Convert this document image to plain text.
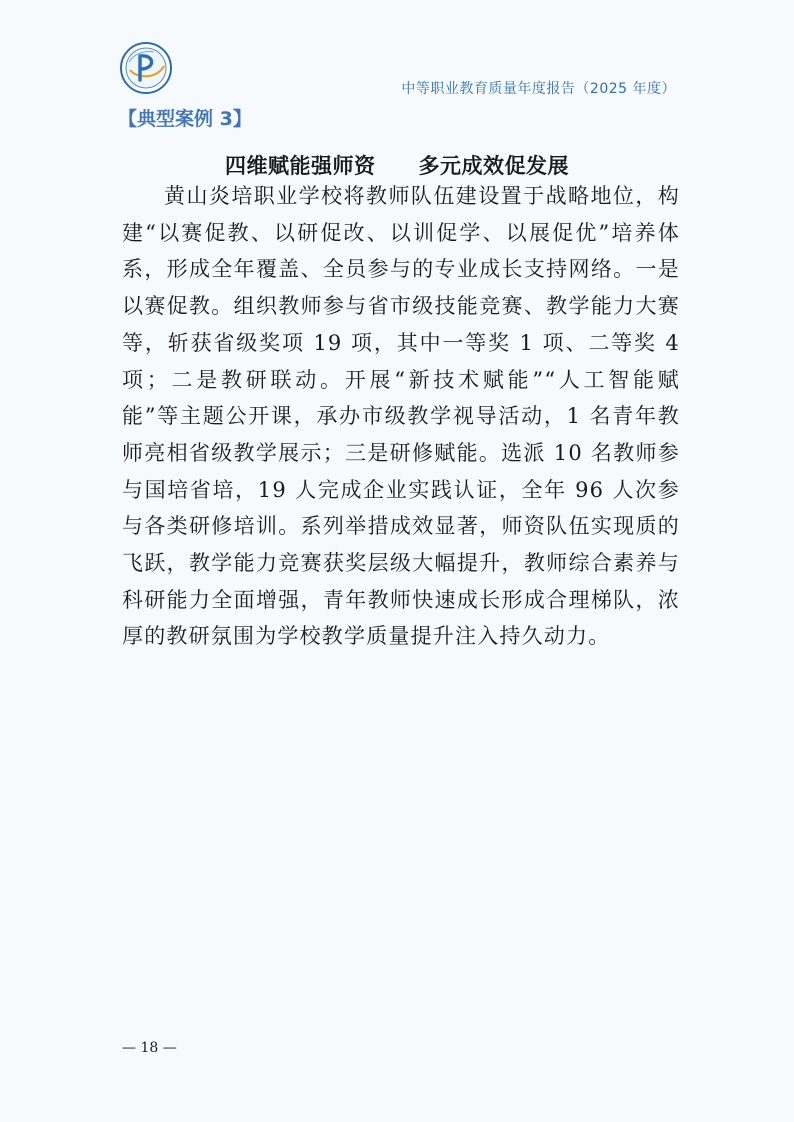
中等职业教育质量年度报告（2025 年度）
【典型案例 3】
四维赋能强师资　　多元成效促发展

黄山炎培职业学校将教师队伍建设置于战略地位，构建“以赛促教、以研促改、以训促学、以展促优”培养体系，形成全年覆盖、全员参与的专业成长支持网络。一是以赛促教。组织教师参与省市级技能竞赛、教学能力大赛等，斩获省级奖项 19 项，其中一等奖 1 项、二等奖 4 项；二是教研联动。开展“新技术赋能”“人工智能赋能”等主题公开课，承办市级教学视导活动，1 名青年教师亮相省级教学展示；三是研修赋能。选派 10 名教师参与国培省培，19 人完成企业实践认证，全年 96 人次参与各类研修培训。系列举措成效显著，师资队伍实现质的飞跃，教学能力竞赛获奖层级大幅提升，教师综合素养与科研能力全面增强，青年教师快速成长形成合理梯队，浓厚的教研氛围为学校教学质量提升注入持久动力。

— 18 —
